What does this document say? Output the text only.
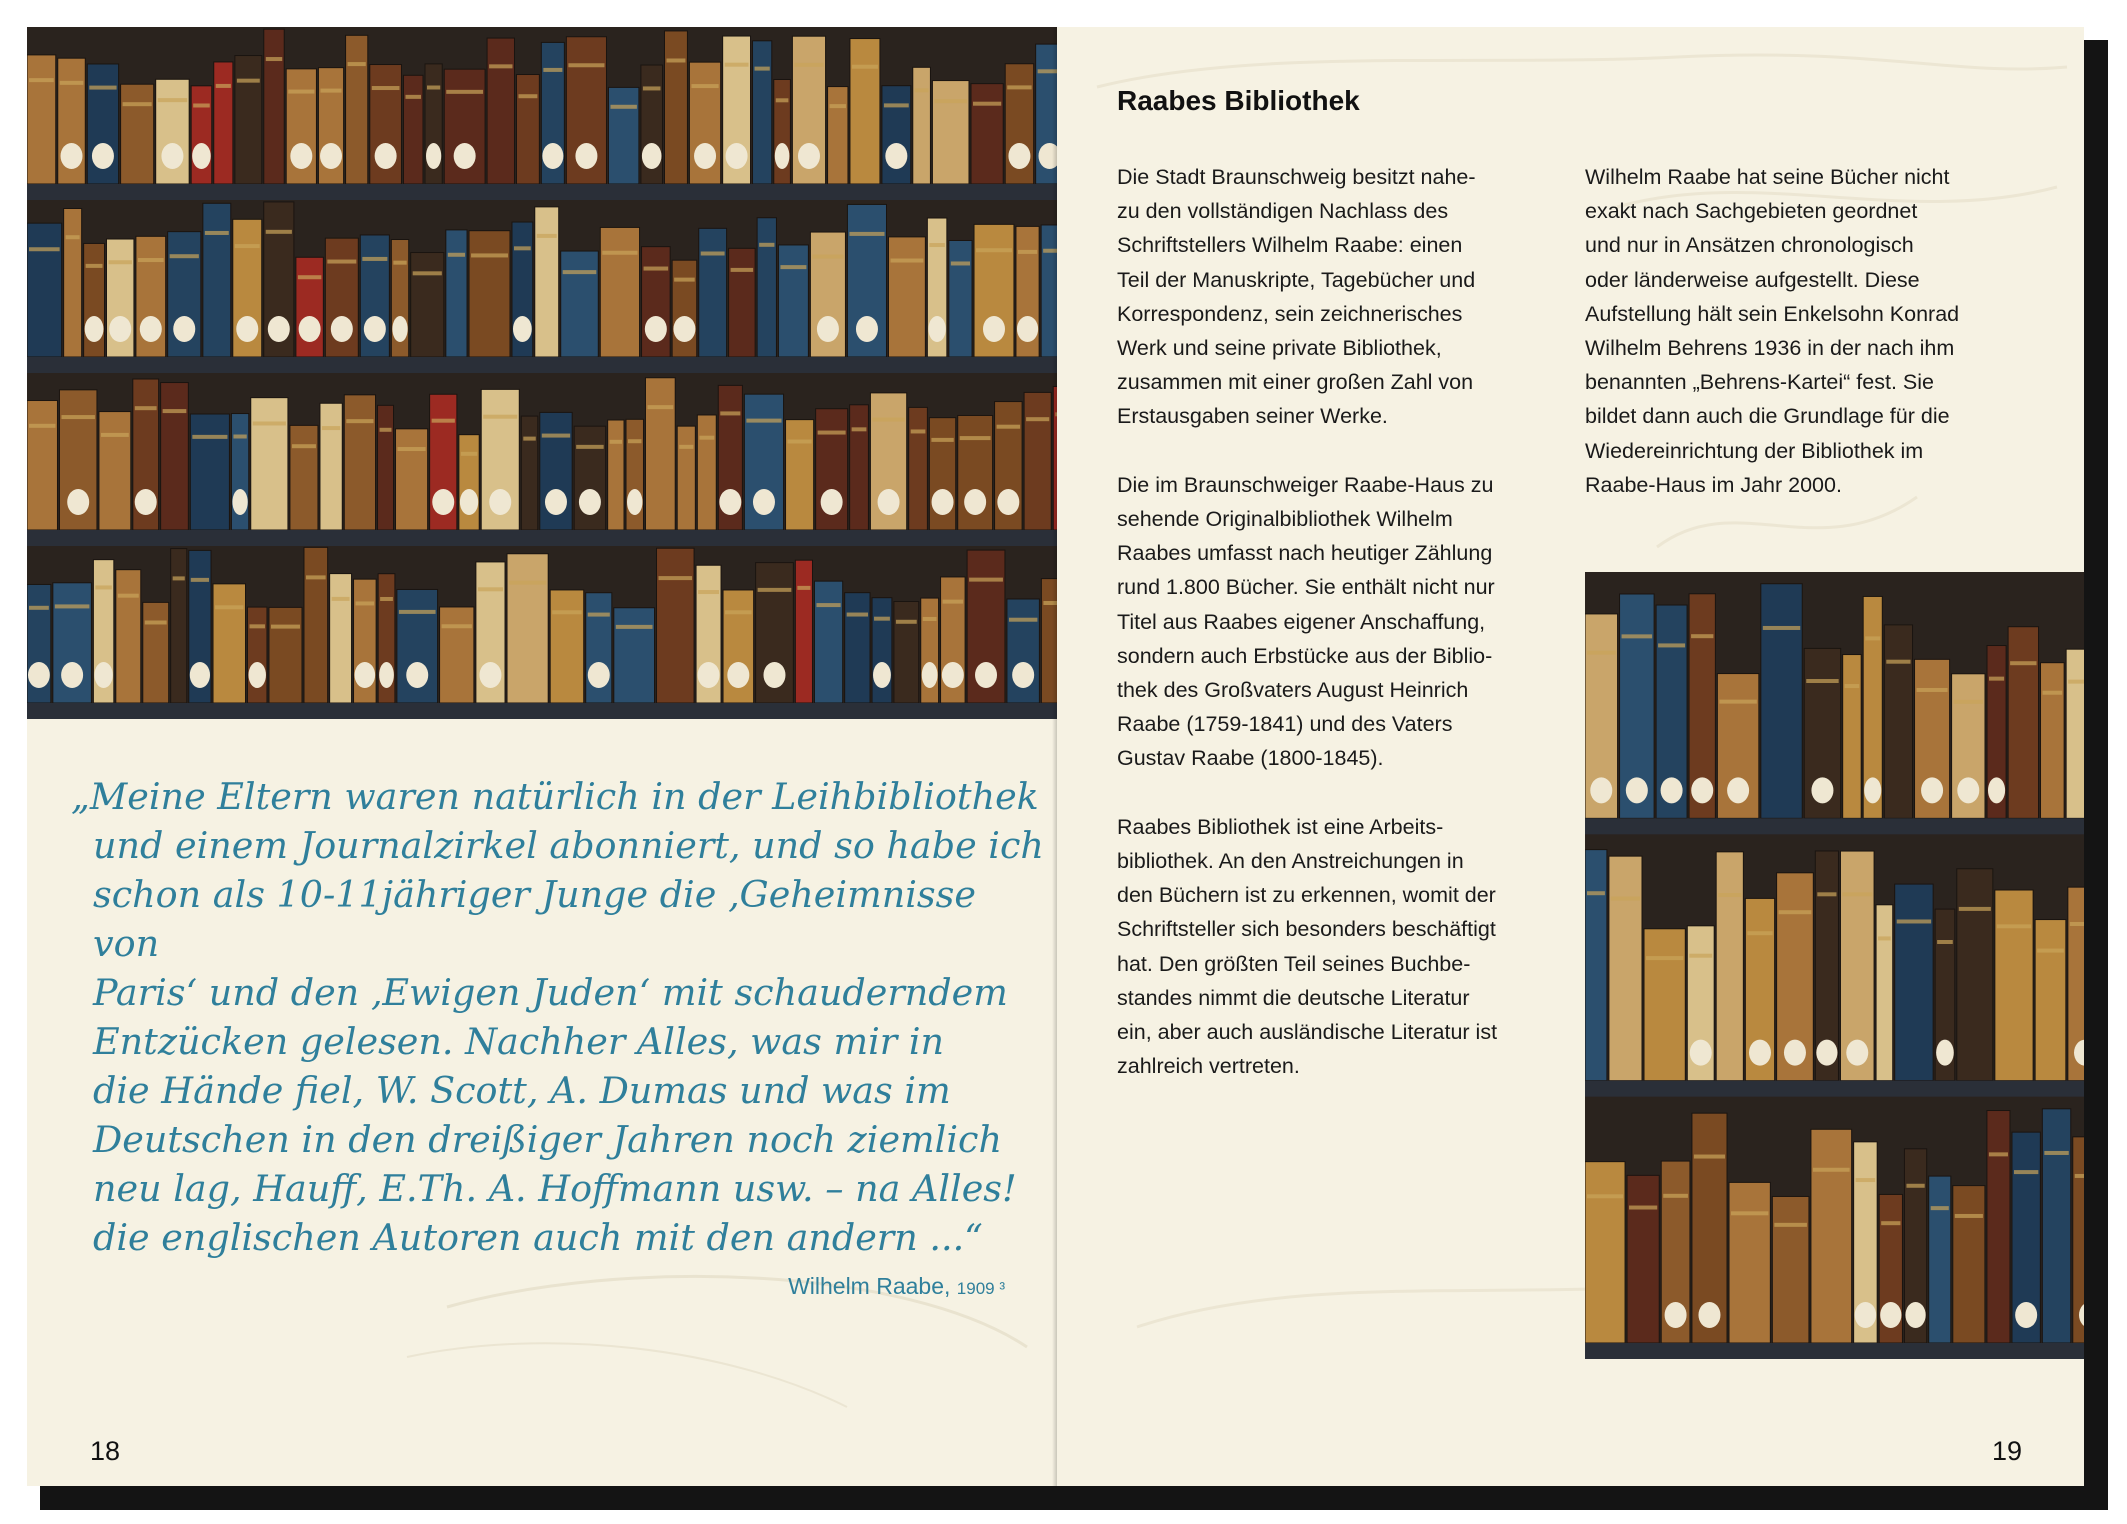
„Meine Eltern waren natürlich in der Leihbibliothek
und einem Journalzirkel abonniert, und so habe ich
schon als 10-11jähriger Junge die ‚Geheimnisse von
Paris‘ und den ‚Ewigen Juden‘ mit schauderndem
Entzücken gelesen. Nachher Alles, was mir in
die Hände fiel, W. Scott, A. Dumas und was im
Deutschen in den dreißiger Jahren noch ziemlich
neu lag, Hauff, E.Th. A. Hoffmann usw. – na Alles!
die englischen Autoren auch mit den andern ...“

Wilhelm Raabe, 1909 ³
18
Raabes Bibliothek

Die Stadt Braunschweig besitzt nahe-
zu den vollständigen Nachlass des
Schriftstellers Wilhelm Raabe: einen
Teil der Manuskripte, Tagebücher und
Korrespondenz, sein zeichnerisches
Werk und seine private Bibliothek,
zusammen mit einer großen Zahl von
Erstausgaben seiner Werke.

Die im Braunschweiger Raabe-Haus zu
sehende Originalbibliothek Wilhelm
Raabes umfasst nach heutiger Zählung
rund 1.800 Bücher. Sie enthält nicht nur
Titel aus Raabes eigener Anschaffung,
sondern auch Erbstücke aus der Biblio-
thek des Großvaters August Heinrich
Raabe (1759-1841) und des Vaters
Gustav Raabe (1800-1845).

Raabes Bibliothek ist eine Arbeits-
bibliothek. An den Anstreichungen in
den Büchern ist zu erkennen, womit der
Schriftsteller sich besonders beschäftigt
hat. Den größten Teil seines Buchbe-
standes nimmt die deutsche Literatur
ein, aber auch ausländische Literatur ist
zahlreich vertreten.

Wilhelm Raabe hat seine Bücher nicht
exakt nach Sachgebieten geordnet
und nur in Ansätzen chronologisch
oder länderweise aufgestellt. Diese
Aufstellung hält sein Enkelsohn Konrad
Wilhelm Behrens 1936 in der nach ihm
benannten „Behrens-Kartei“ fest. Sie
bildet dann auch die Grundlage für die
Wiedereinrichtung der Bibliothek im
Raabe-Haus im Jahr 2000.

19
